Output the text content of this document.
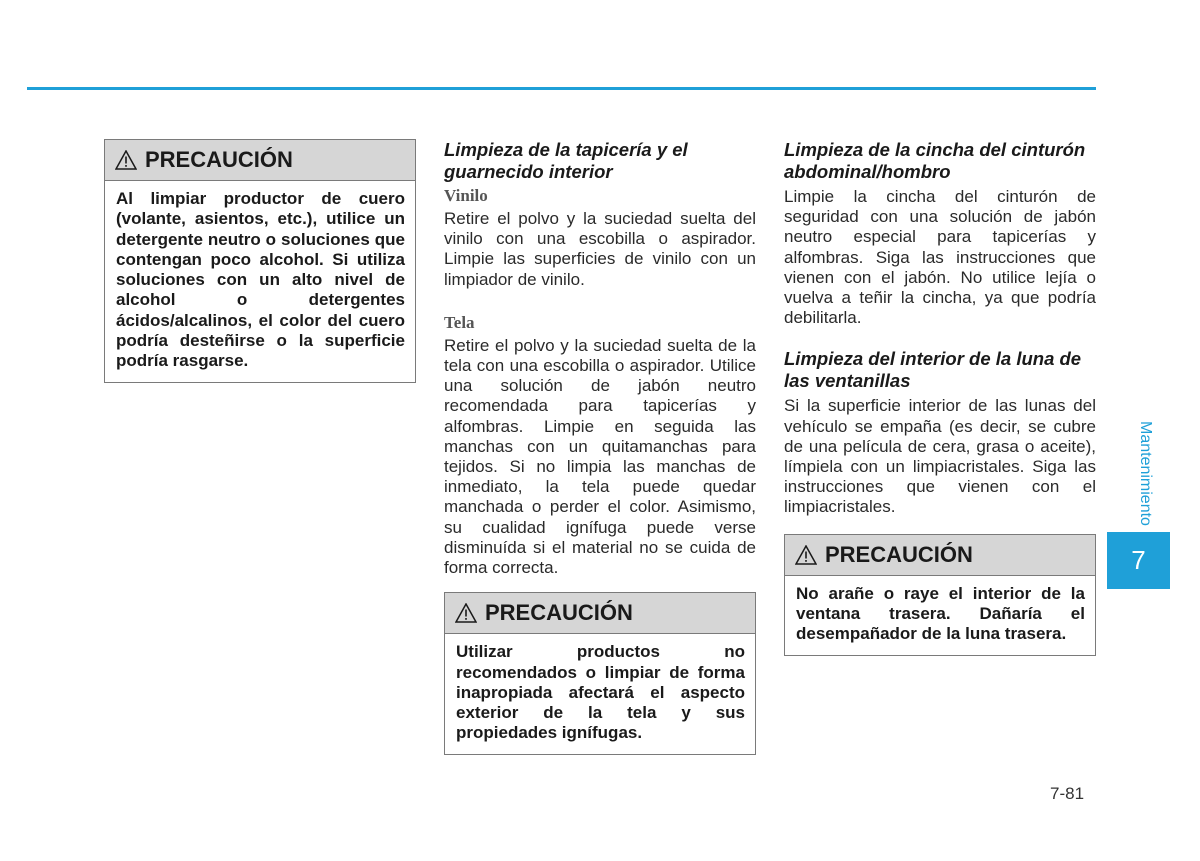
PRECAUCIÓN
Al limpiar productor de cuero (volante, asientos, etc.), utilice un detergente neutro o soluciones que contengan poco alcohol. Si utiliza soluciones con un alto nivel de alcohol o detergentes ácidos/alcalinos, el color del cuero podría desteñirse o la superficie podría rasgarse.

Limpieza de la tapicería y el guarnecido interior

Vinilo

Retire el polvo y la suciedad suelta del vinilo con una escobilla o aspirador. Limpie las superficies de vinilo con un limpiador de vinilo.

Tela

Retire el polvo y la suciedad suelta de la tela con una escobilla o aspirador. Utilice una solución de jabón neutro recomendada para tapicerías y alfombras. Limpie en seguida las manchas con un quitamanchas para tejidos. Si no limpia las manchas de inmediato, la tela puede quedar manchada o perder el color. Asimismo, su cualidad ignífuga puede verse disminuída si el material no se cuida de forma correcta.

PRECAUCIÓN
Utilizar productos no recomendados o limpiar de forma inapropiada afectará el aspecto exterior de la tela y sus propiedades ignífugas.

Limpieza de la cincha del cinturón abdominal/hombro

Limpie la cincha del cinturón de seguridad con una solución de jabón neutro especial para tapicerías y alfombras. Siga las instrucciones que vienen con el jabón. No utilice lejía o vuelva a teñir la cincha, ya que podría debilitarla.

Limpieza del interior de la luna de las ventanillas

Si la superficie interior de las lunas del vehículo se empaña (es decir, se cubre de una película de cera, grasa o aceite), límpiela con un limpiacristales. Siga las instrucciones que vienen con el limpiacristales.

PRECAUCIÓN
No arañe o raye el interior de la ventana trasera. Dañaría el desempañador de la luna trasera.
Mantenimiento
7
7-81
